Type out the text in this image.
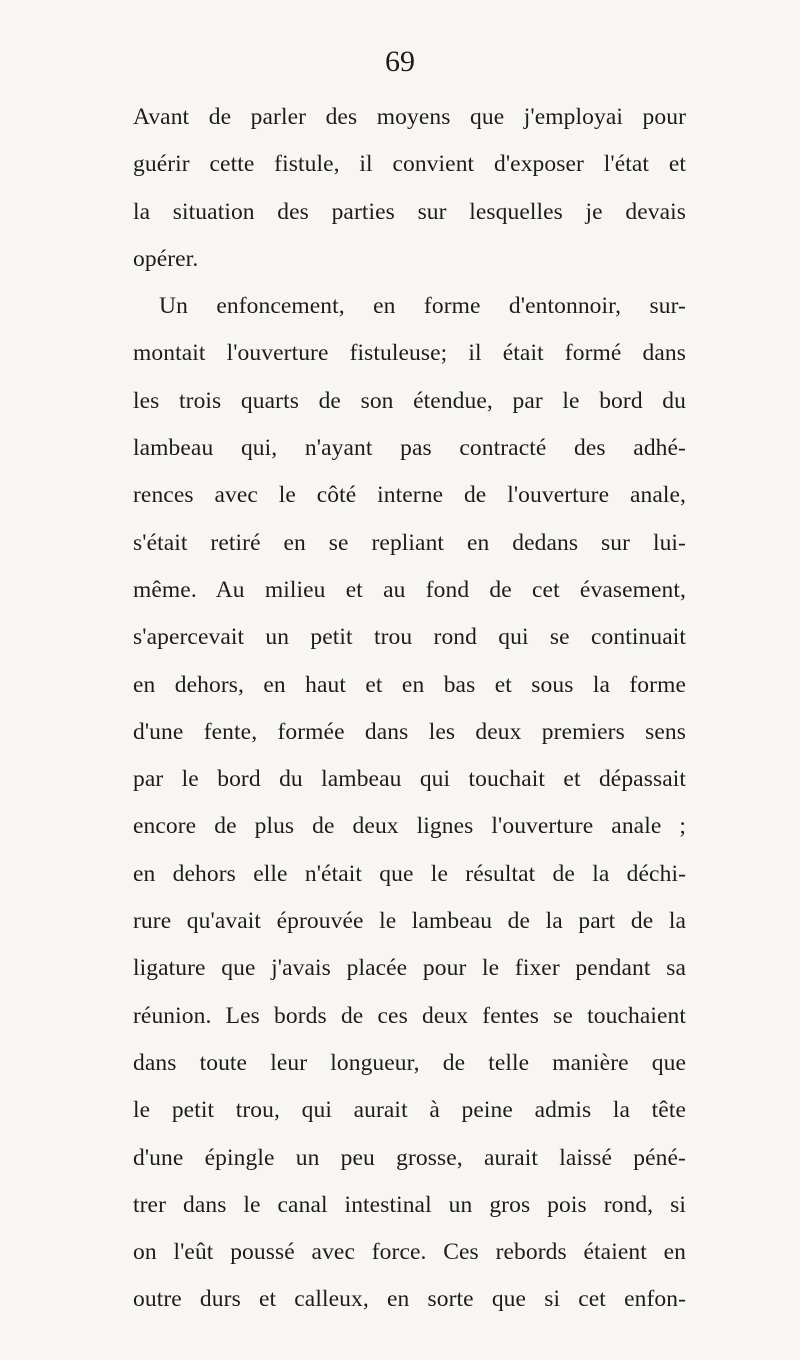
69
Avant de parler des moyens que j'employai pour
guérir cette fistule, il convient d'exposer l'état et
la situation des parties sur lesquelles je devais
opérer.
Un enfoncement, en forme d'entonnoir, sur-
montait l'ouverture fistuleuse; il était formé dans
les trois quarts de son étendue, par le bord du
lambeau qui, n'ayant pas contracté des adhé-
rences avec le côté interne de l'ouverture anale,
s'était retiré en se repliant en dedans sur lui-
même. Au milieu et au fond de cet évasement,
s'apercevait un petit trou rond qui se continuait
en dehors, en haut et en bas et sous la forme
d'une fente, formée dans les deux premiers sens
par le bord du lambeau qui touchait et dépassait
encore de plus de deux lignes l'ouverture anale ;
en dehors elle n'était que le résultat de la déchi-
rure qu'avait éprouvée le lambeau de la part de la
ligature que j'avais placée pour le fixer pendant sa
réunion. Les bords de ces deux fentes se touchaient
dans toute leur longueur, de telle manière que
le petit trou, qui aurait à peine admis la tête
d'une épingle un peu grosse, aurait laissé péné-
trer dans le canal intestinal un gros pois rond, si
on l'eût poussé avec force. Ces rebords étaient en
outre durs et calleux, en sorte que si cet enfon-
